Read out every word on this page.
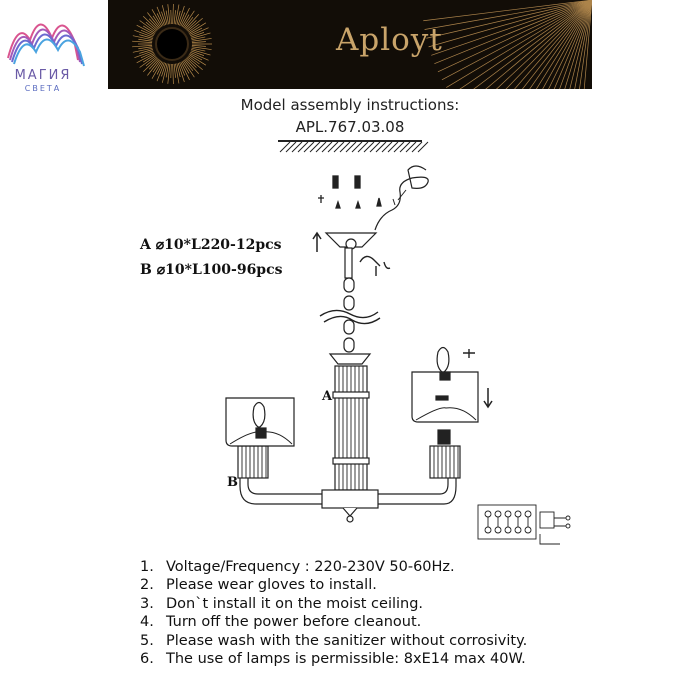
МАГИЯ
СВЕТА
Aployt
Model assembly instructions:
APL.767.03.08
A ⌀10*L220-12pcs
B ⌀10*L100-96pcs
A
B
1. Voltage/Frequency : 220-230V 50-60Hz.
2. Please wear gloves to install.
3. Don`t install it on the moist ceiling.
4. Turn off the power before cleanout.
5. Please wash with the sanitizer without corrosivity.
6. The use of lamps is permissible: 8xE14 max 40W.
